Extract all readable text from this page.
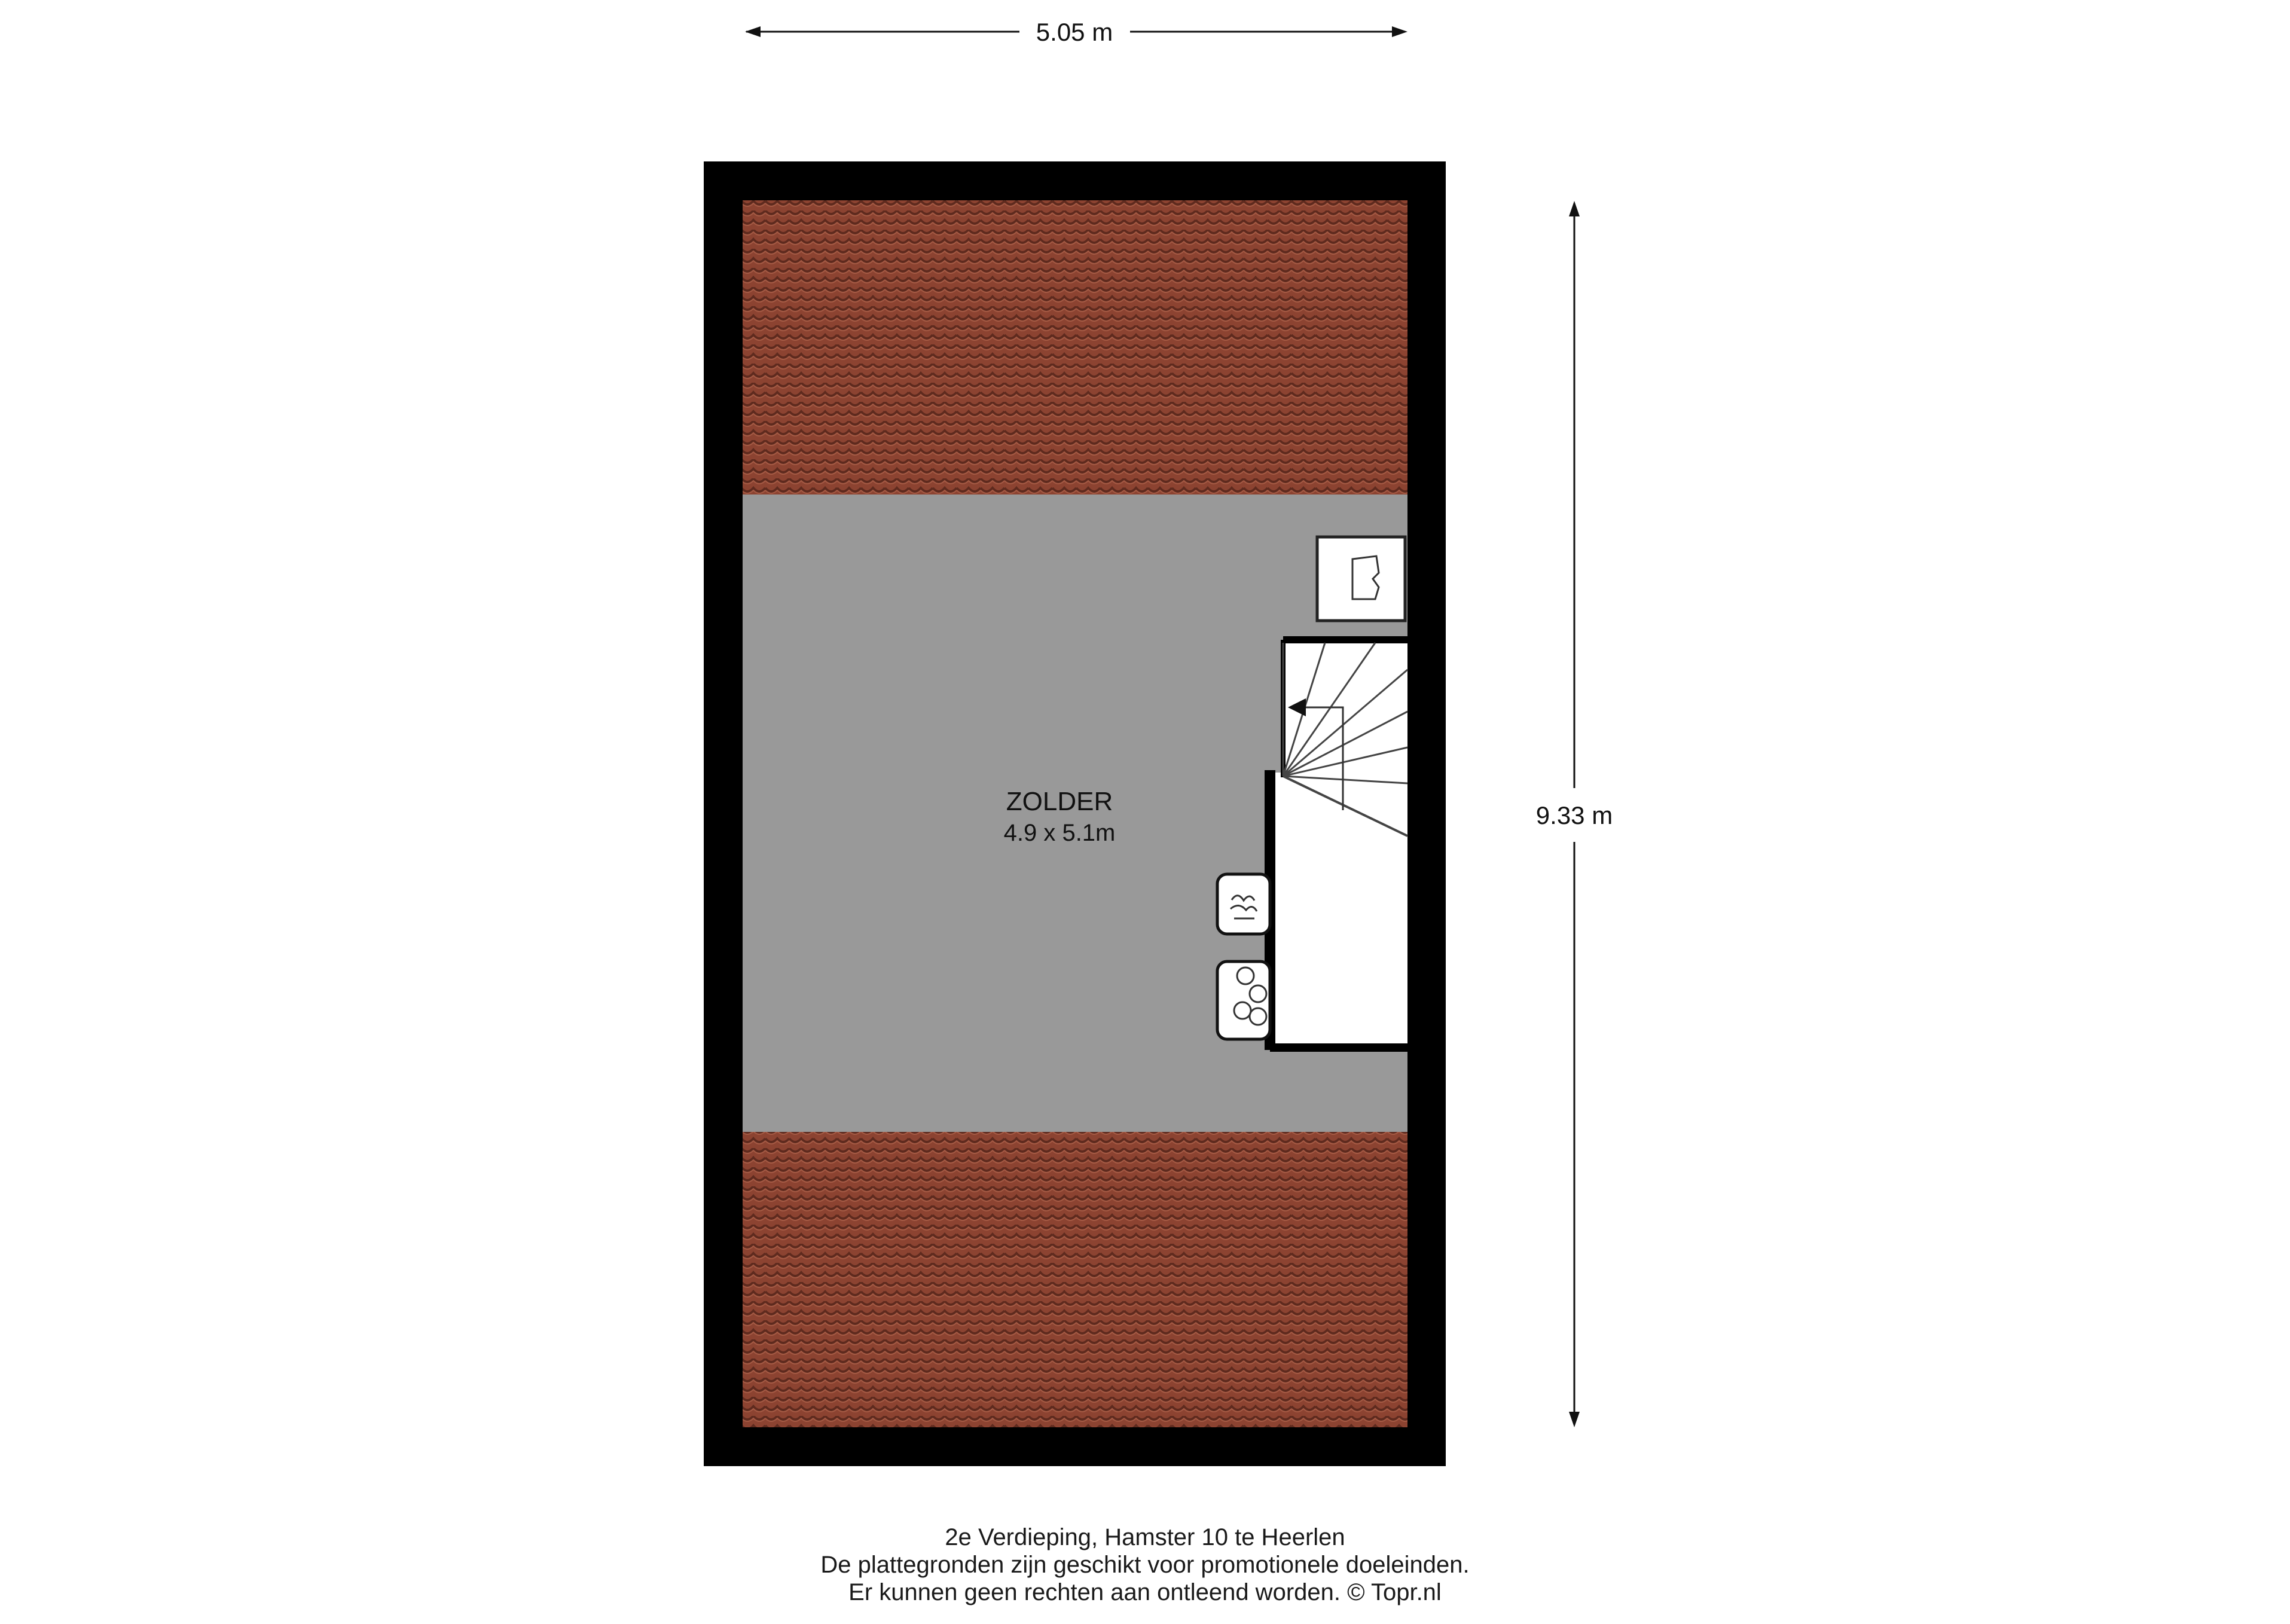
ZOLDER
4.9 x 5.1m
5.05 m
9.33 m
2e Verdieping, Hamster 10 te Heerlen
De plattegronden zijn geschikt voor promotionele doeleinden.
Er kunnen geen rechten aan ontleend worden. © Topr.nl
